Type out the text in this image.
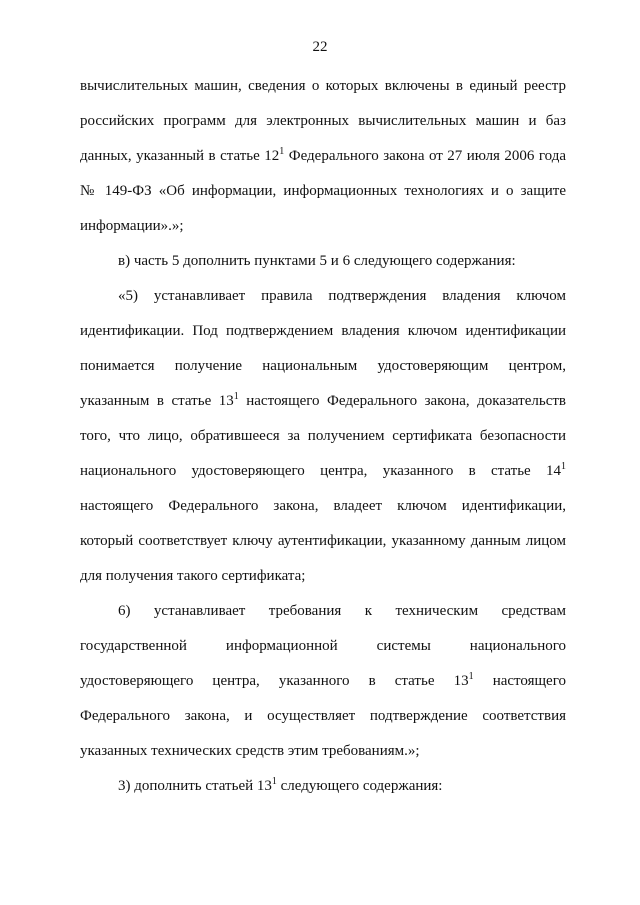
22
вычислительных машин, сведения о которых включены в единый реестр
российских программ для электронных вычислительных машин и баз
данных, указанный в статье $12^1$ Федерального закона от 27 июля 2006 года
№ 149-ФЗ «Об информации, информационных технологиях и о защите
информации».»;
в) часть 5 дополнить пунктами 5 и 6 следующего содержания:
«5) устанавливает правила подтверждения владения ключом
идентификации. Под подтверждением владения ключом идентификации
понимается получение национальным удостоверяющим центром,
указанным в статье $13^1$ настоящего Федерального закона, доказательств
того, что лицо, обратившееся за получением сертификата безопасности
национального удостоверяющего центра, указанного в статье $14^1$
настоящего Федерального закона, владеет ключом идентификации,
который соответствует ключу аутентификации, указанному данным лицом
для получения такого сертификата;
6) устанавливает требования к техническим средствам
государственной информационной системы национального
удостоверяющего центра, указанного в статье $13^1$ настоящего
Федерального закона, и осуществляет подтверждение соответствия
указанных технических средств этим требованиям.»;
3) дополнить статьей $13^1$ следующего содержания:
